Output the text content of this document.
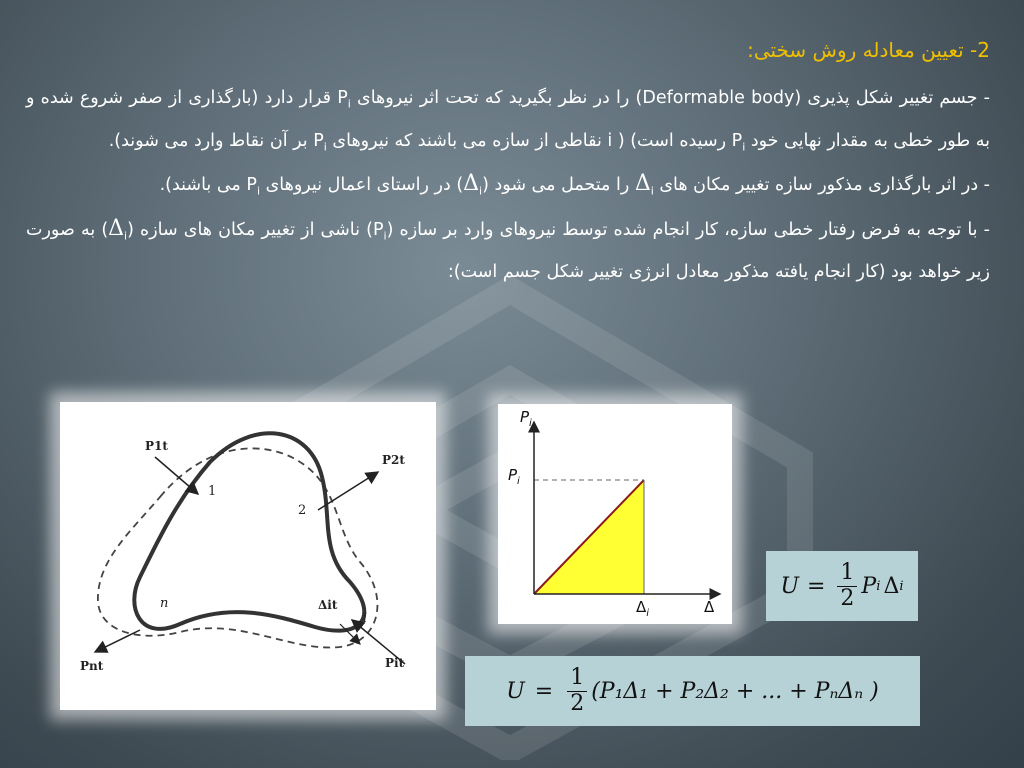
2- تعیین معادله روش سختی:

- جسم تغییر شکل پذیری (Deformable body) را در نظر بگیرید که تحت اثر نیروهای $P_i$ قرار دارد (بارگذاری از صفر شروع شده و به طور خطی به مقدار نهایی خود $P_i$ رسیده است) ( i نقاطی از سازه می باشند که نیروهای $P_i$ بر آن نقاط وارد می شوند).

- در اثر بارگذاری مذکور سازه تغییر مکان های $\Delta_i$ را متحمل می شود $(\Delta_i)$ در راستای اعمال نیروهای $P_i$ می باشند).

- با توجه به فرض رفتار خطی سازه، کار انجام شده توسط نیروهای وارد بر سازه $(P_i)$ ناشی از تغییر مکان های سازه $(\Delta_i)$ به صورت زیر خواهد بود (کار انجام یافته مذکور معادل انرژی تغییر شکل جسم است):

P1t
P2t
Pnt	Pit
Δit
1
2
n
i
$P_i$
$P_i$
$\Delta_i$	Δ
$U = \frac{1}{2}$ P i Δ i
$U = \frac{1}{2} (P_1\Delta_1 + P_2\Delta_2$ + ... + PₙΔₙ )
